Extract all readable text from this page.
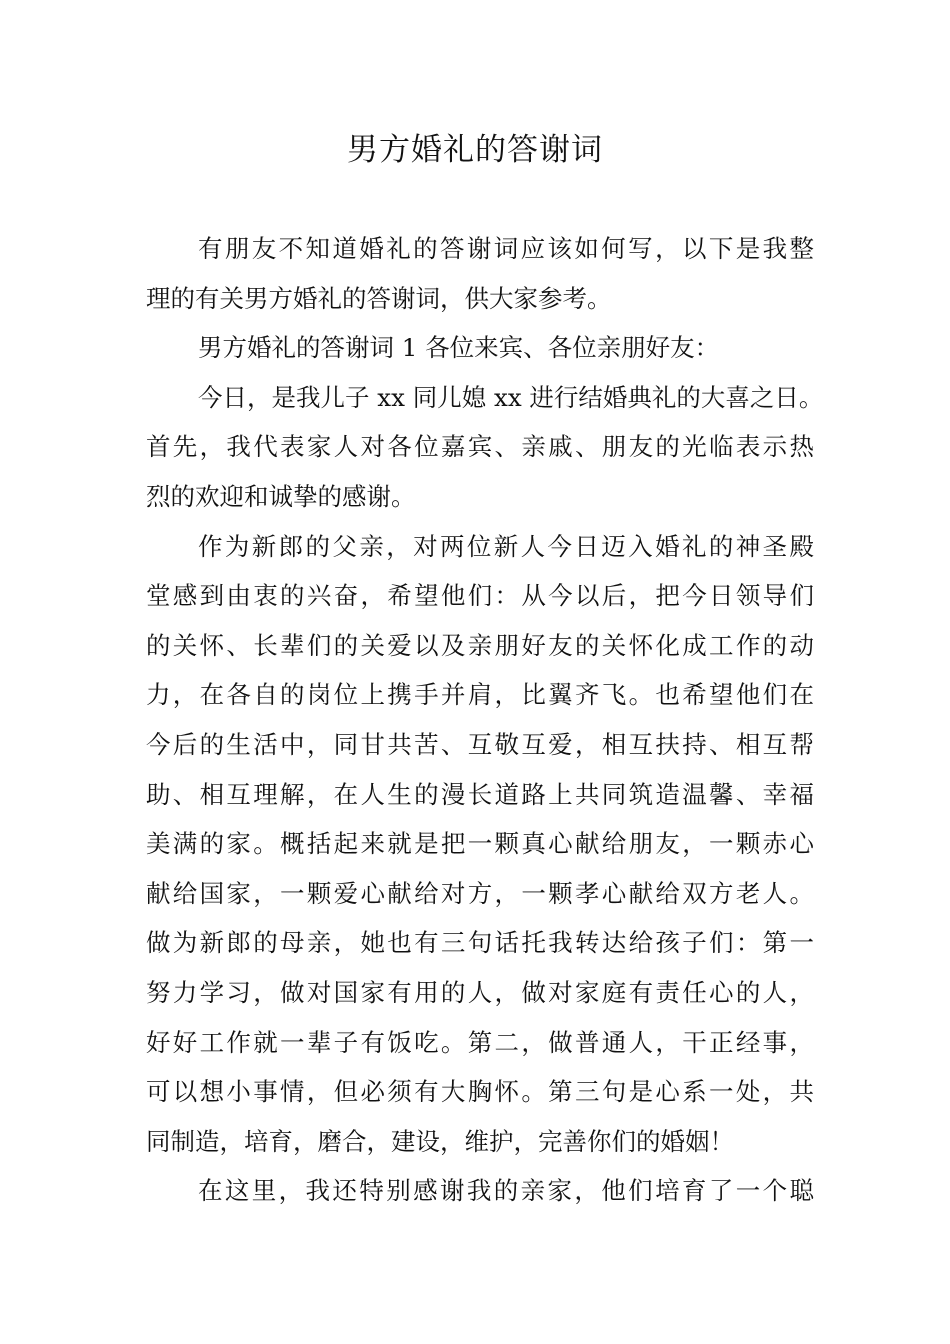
男方婚礼的答谢词

有朋友不知道婚礼的答谢词应该如何写，以下是我整

理的有关男方婚礼的答谢词，供大家参考。

男方婚礼的答谢词 1 各位来宾、各位亲朋好友：

今日，是我儿子 xx 同儿媳 xx 进行结婚典礼的大喜之日。

首先，我代表家人对各位嘉宾、亲戚、朋友的光临表示热

烈的欢迎和诚挚的感谢。

作为新郎的父亲，对两位新人今日迈入婚礼的神圣殿

堂感到由衷的兴奋，希望他们：从今以后，把今日领导们

的关怀、长辈们的关爱以及亲朋好友的关怀化成工作的动

力，在各自的岗位上携手并肩，比翼齐飞。也希望他们在

今后的生活中，同甘共苦、互敬互爱，相互扶持、相互帮

助、相互理解，在人生的漫长道路上共同筑造温馨、幸福

美满的家。概括起来就是把一颗真心献给朋友，一颗赤心

献给国家，一颗爱心献给对方，一颗孝心献给双方老人。

做为新郎的母亲，她也有三句话托我转达给孩子们：第一

努力学习，做对国家有用的人，做对家庭有责任心的人，

好好工作就一辈子有饭吃。第二，做普通人，干正经事，

可以想小事情，但必须有大胸怀。第三句是心系一处，共

同制造，培育，磨合，建设，维护，完善你们的婚姻！

在这里，我还特别感谢我的亲家，他们培育了一个聪
